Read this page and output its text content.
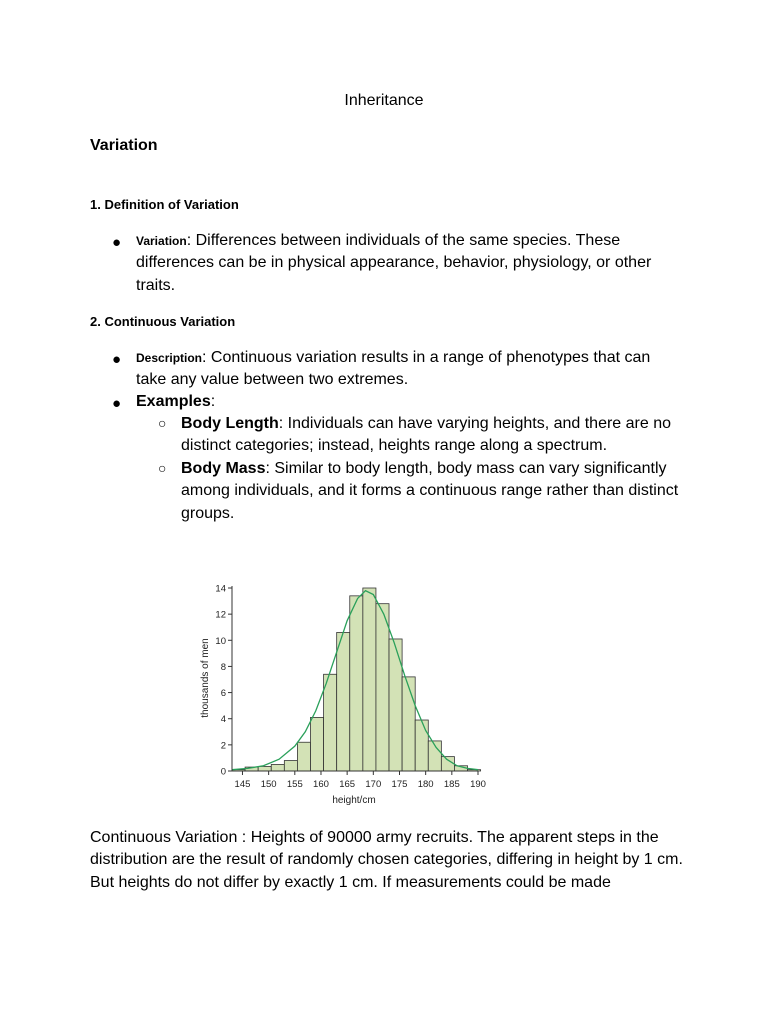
Inheritance
Variation
1. Definition of Variation
● Variation: Differences between individuals of the same species. These differences can be in physical appearance, behavior, physiology, or other traits.
2. Continuous Variation
● Description: Continuous variation results in a range of phenotypes that can take any value between two extremes.
● Examples:
○ Body Length: Individuals can have varying heights, and there are no distinct categories; instead, heights range along a spectrum.
○ Body Mass: Similar to body length, body mass can vary significantly among individuals, and it forms a continuous range rather than distinct groups.
0
2
4
6
8
10
12
14
145 150 155 160 165 170 175 180 185 190
height/cm
thousands of men
Continuous Variation : Heights of 90000 army recruits. The apparent steps in the distribution are the result of randomly chosen categories, differing in height by 1 cm. But heights do not differ by exactly 1 cm. If measurements could be made
